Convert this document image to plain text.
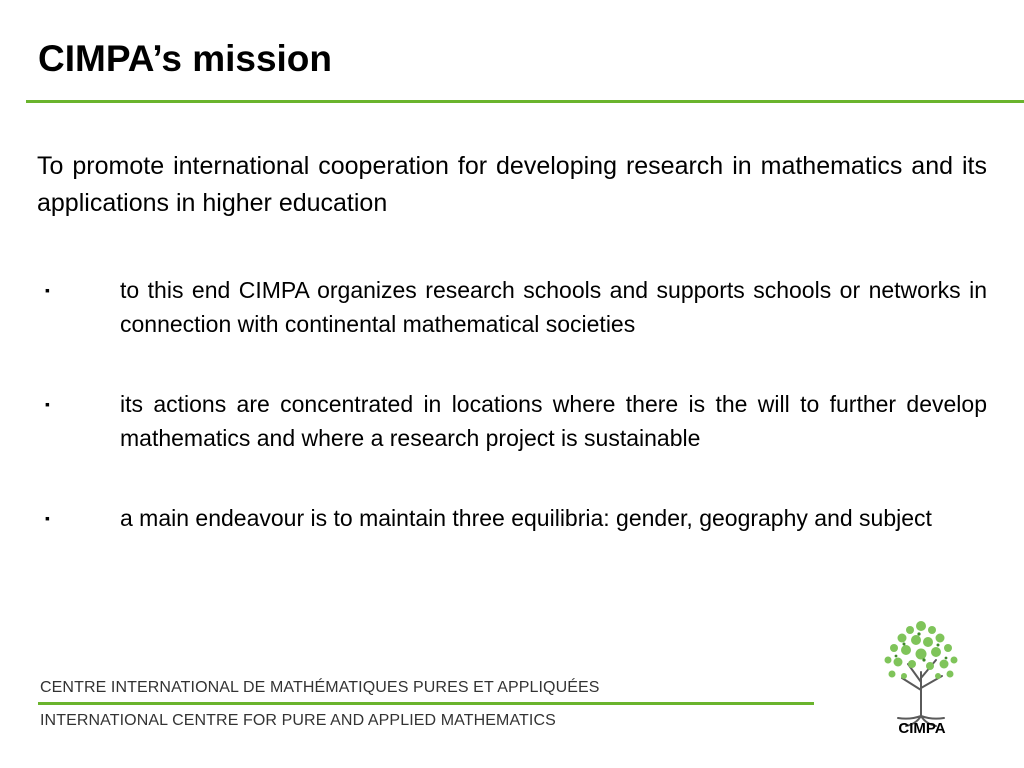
CIMPA’s mission
To promote international cooperation for developing research in mathematics and its applications in higher education
▪	to this end CIMPA organizes research schools and supports schools or networks in connection with continental mathematical societies
▪	its actions are concentrated in locations where there is the will to further develop mathematics and where a research project is sustainable
▪	a main endeavour is to maintain three equilibria: gender, geography and subject
CENTRE INTERNATIONAL DE MATHÉMATIQUES PURES ET APPLIQUÉES
INTERNATIONAL CENTRE FOR PURE AND APPLIED MATHEMATICS	CIMPA
